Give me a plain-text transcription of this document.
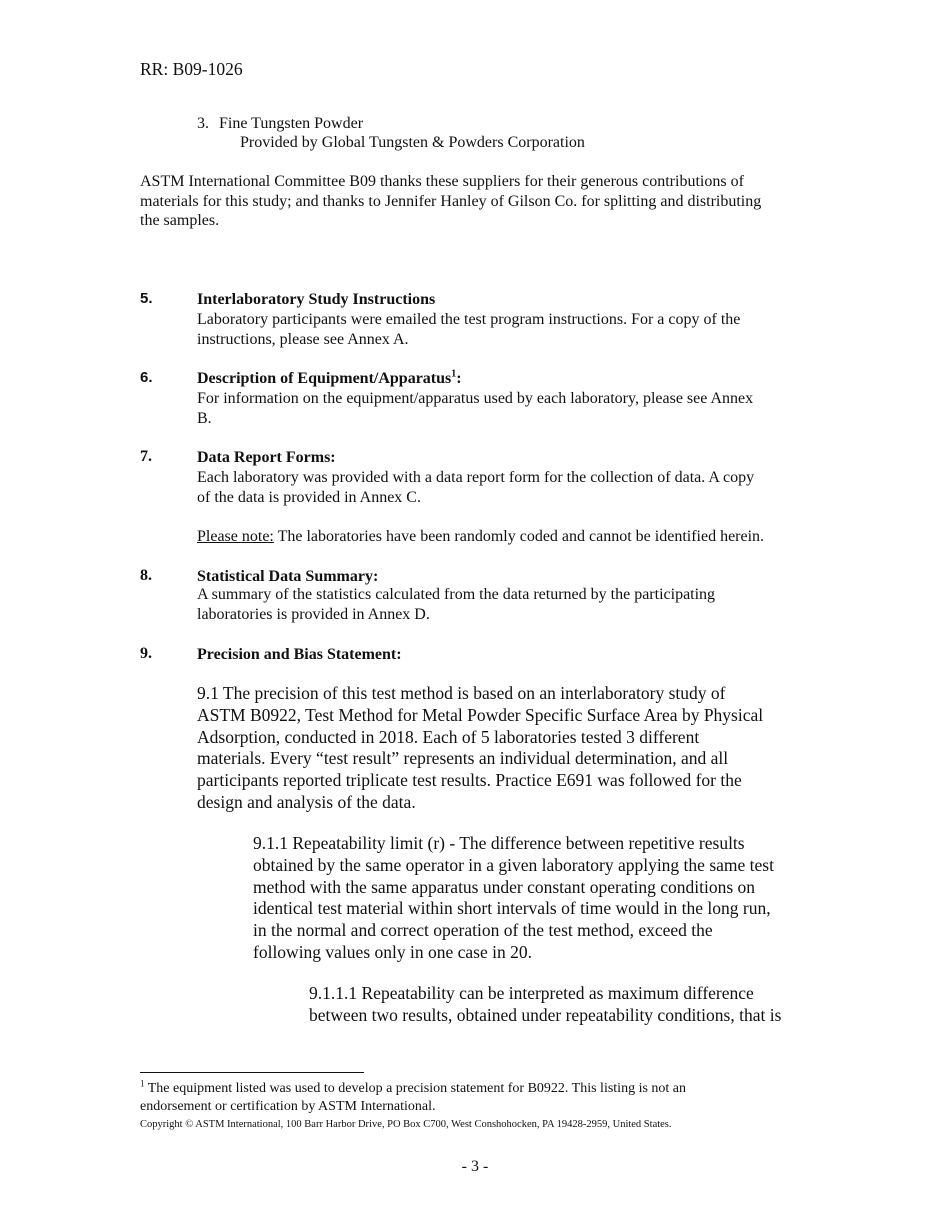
RR: B09-1026
3. Fine Tungsten Powder
Provided by Global Tungsten & Powders Corporation
ASTM International Committee B09 thanks these suppliers for their generous contributions of
materials for this study; and thanks to Jennifer Hanley of Gilson Co. for splitting and distributing
the samples.
5.	Interlaboratory Study Instructions
Laboratory participants were emailed the test program instructions. For a copy of the
instructions, please see Annex A.
6.	Description of Equipment/Apparatus$^1$:
For information on the equipment/apparatus used by each laboratory, please see Annex
B.
7.	Data Report Forms:
Each laboratory was provided with a data report form for the collection of data. A copy
of the data is provided in Annex C.
Please note: The laboratories have been randomly coded and cannot be identified herein.
8.	Statistical Data Summary:
A summary of the statistics calculated from the data returned by the participating
laboratories is provided in Annex D.
9.	Precision and Bias Statement:
9.1 The precision of this test method is based on an interlaboratory study of
ASTM B0922, Test Method for Metal Powder Specific Surface Area by Physical
Adsorption, conducted in 2018. Each of 5 laboratories tested 3 different
materials. Every “test result” represents an individual determination, and all
participants reported triplicate test results. Practice E691 was followed for the
design and analysis of the data.
9.1.1 Repeatability limit (r) - The difference between repetitive results
obtained by the same operator in a given laboratory applying the same test
method with the same apparatus under constant operating conditions on
identical test material within short intervals of time would in the long run,
in the normal and correct operation of the test method, exceed the
following values only in one case in 20.
9.1.1.1 Repeatability can be interpreted as maximum difference
between two results, obtained under repeatability conditions, that is
$^1$ The equipment listed was used to develop a precision statement for B0922. This listing is not an
endorsement or certification by ASTM International.
Copyright © ASTM International, 100 Barr Harbor Drive, PO Box C700, West Conshohocken, PA 19428-2959, United States.
- 3 -
